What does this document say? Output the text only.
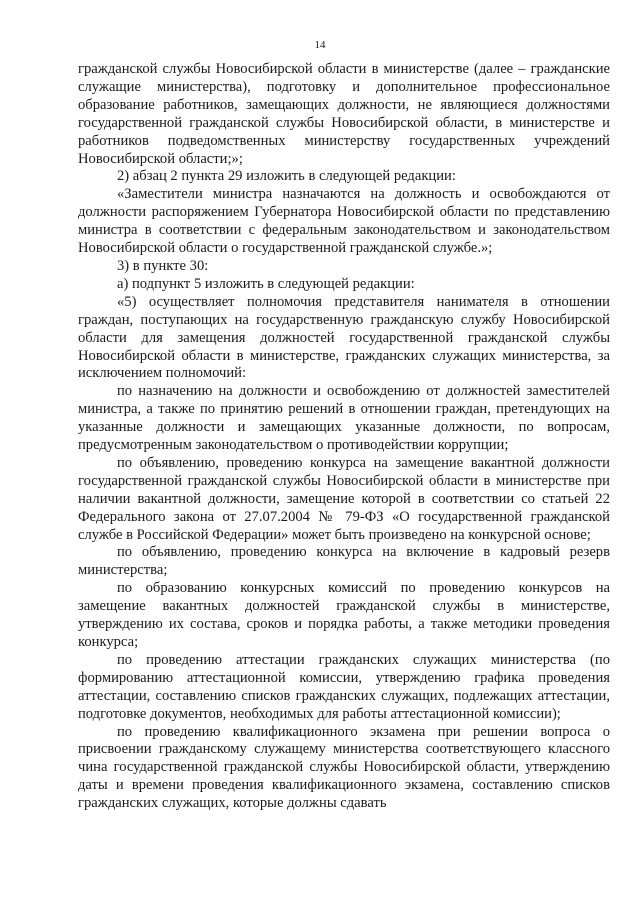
14

гражданской службы Новосибирской области в министерстве (далее – гражданские служащие министерства), подготовку и дополнительное профессиональное образование работников, замещающих должности, не являющиеся должностями государственной гражданской службы Новосибирской области, в министерстве и работников подведомственных министерству государственных учреждений Новосибирской области;»;

2) абзац 2 пункта 29 изложить в следующей редакции:

«Заместители министра назначаются на должность и освобождаются от должности распоряжением Губернатора Новосибирской области по представлению министра в соответствии с федеральным законодательством и законодательством Новосибирской области о государственной гражданской службе.»;

3) в пункте 30:

а) подпункт 5 изложить в следующей редакции:

«5) осуществляет полномочия представителя нанимателя в отношении граждан, поступающих на государственную гражданскую службу Новосибирской области для замещения должностей государственной гражданской службы Новосибирской области в министерстве, гражданских служащих министерства, за исключением полномочий:

по назначению на должности и освобождению от должностей заместителей министра, а также по принятию решений в отношении граждан, претендующих на указанные должности и замещающих указанные должности, по вопросам, предусмотренным законодательством о противодействии коррупции;

по объявлению, проведению конкурса на замещение вакантной должности государственной гражданской службы Новосибирской области в министерстве при наличии вакантной должности, замещение которой в соответствии со статьей 22 Федерального закона от 27.07.2004 № 79-ФЗ «О государственной гражданской службе в Российской Федерации» может быть произведено на конкурсной основе;

по объявлению, проведению конкурса на включение в кадровый резерв министерства;

по образованию конкурсных комиссий по проведению конкурсов на замещение вакантных должностей гражданской службы в министерстве, утверждению их состава, сроков и порядка работы, а также методики проведения конкурса;

по проведению аттестации гражданских служащих министерства (по формированию аттестационной комиссии, утверждению графика проведения аттестации, составлению списков гражданских служащих, подлежащих аттестации, подготовке документов, необходимых для работы аттестационной комиссии);

по проведению квалификационного экзамена при решении вопроса о присвоении гражданскому служащему министерства соответствующего классного чина государственной гражданской службы Новосибирской области, утверждению даты и времени проведения квалификационного экзамена, составлению списков гражданских служащих, которые должны сдавать
